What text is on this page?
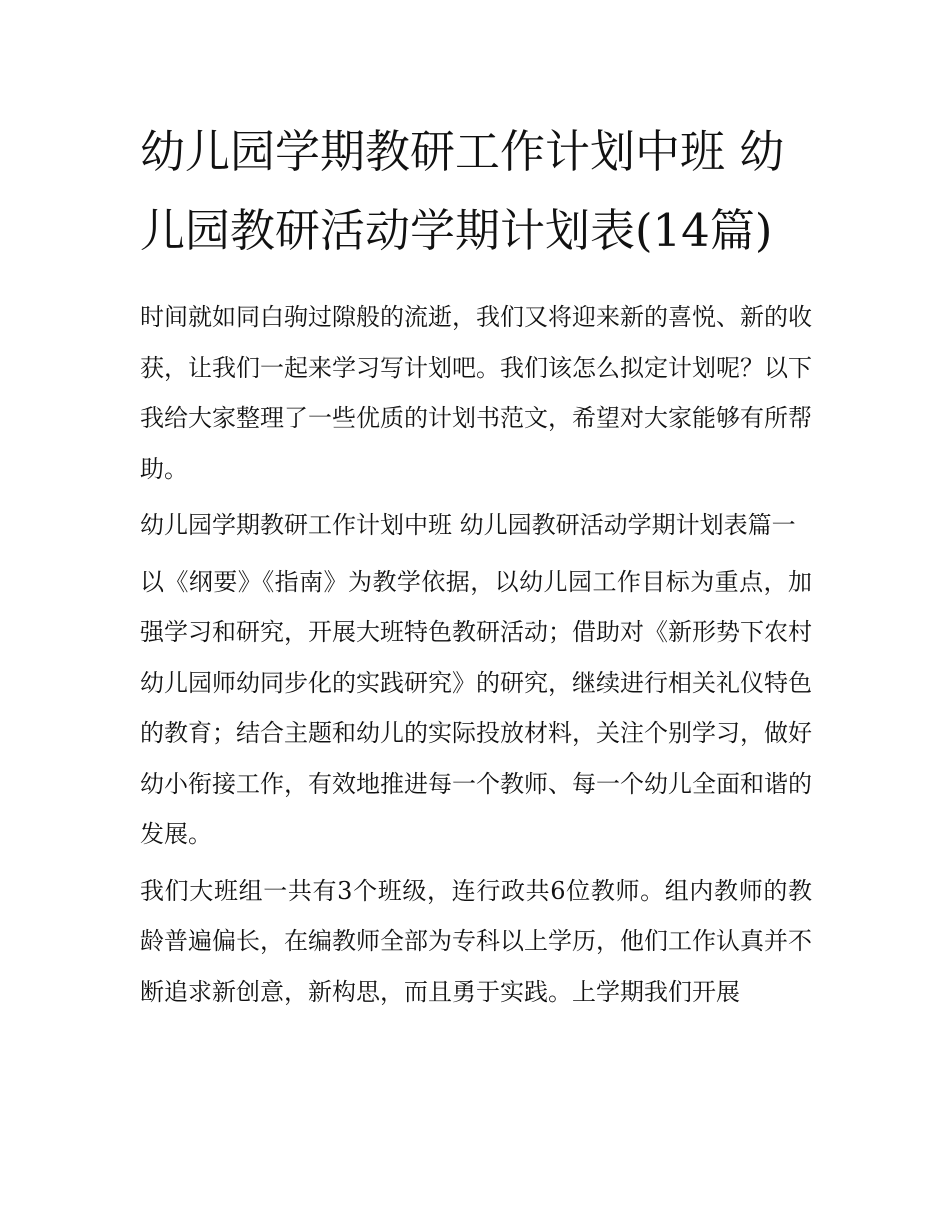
幼儿园学期教研工作计划中班 幼儿园教研活动学期计划表(14篇)

时间就如同白驹过隙般的流逝，我们又将迎来新的喜悦、新的收获，让我们一起来学习写计划吧。我们该怎么拟定计划呢？以下我给大家整理了一些优质的计划书范文，希望对大家能够有所帮助。

幼儿园学期教研工作计划中班 幼儿园教研活动学期计划表篇一

以《纲要》《指南》为教学依据，以幼儿园工作目标为重点，加强学习和研究，开展大班特色教研活动；借助对《新形势下农村幼儿园师幼同步化的实践研究》的研究，继续进行相关礼仪特色的教育；结合主题和幼儿的实际投放材料，关注个别学习，做好幼小衔接工作，有效地推进每一个教师、每一个幼儿全面和谐的发展。

我们大班组一共有3个班级，连行政共6位教师。组内教师的教龄普遍偏长，在编教师全部为专科以上学历，他们工作认真并不断追求新创意，新构思，而且勇于实践。上学期我们开展
